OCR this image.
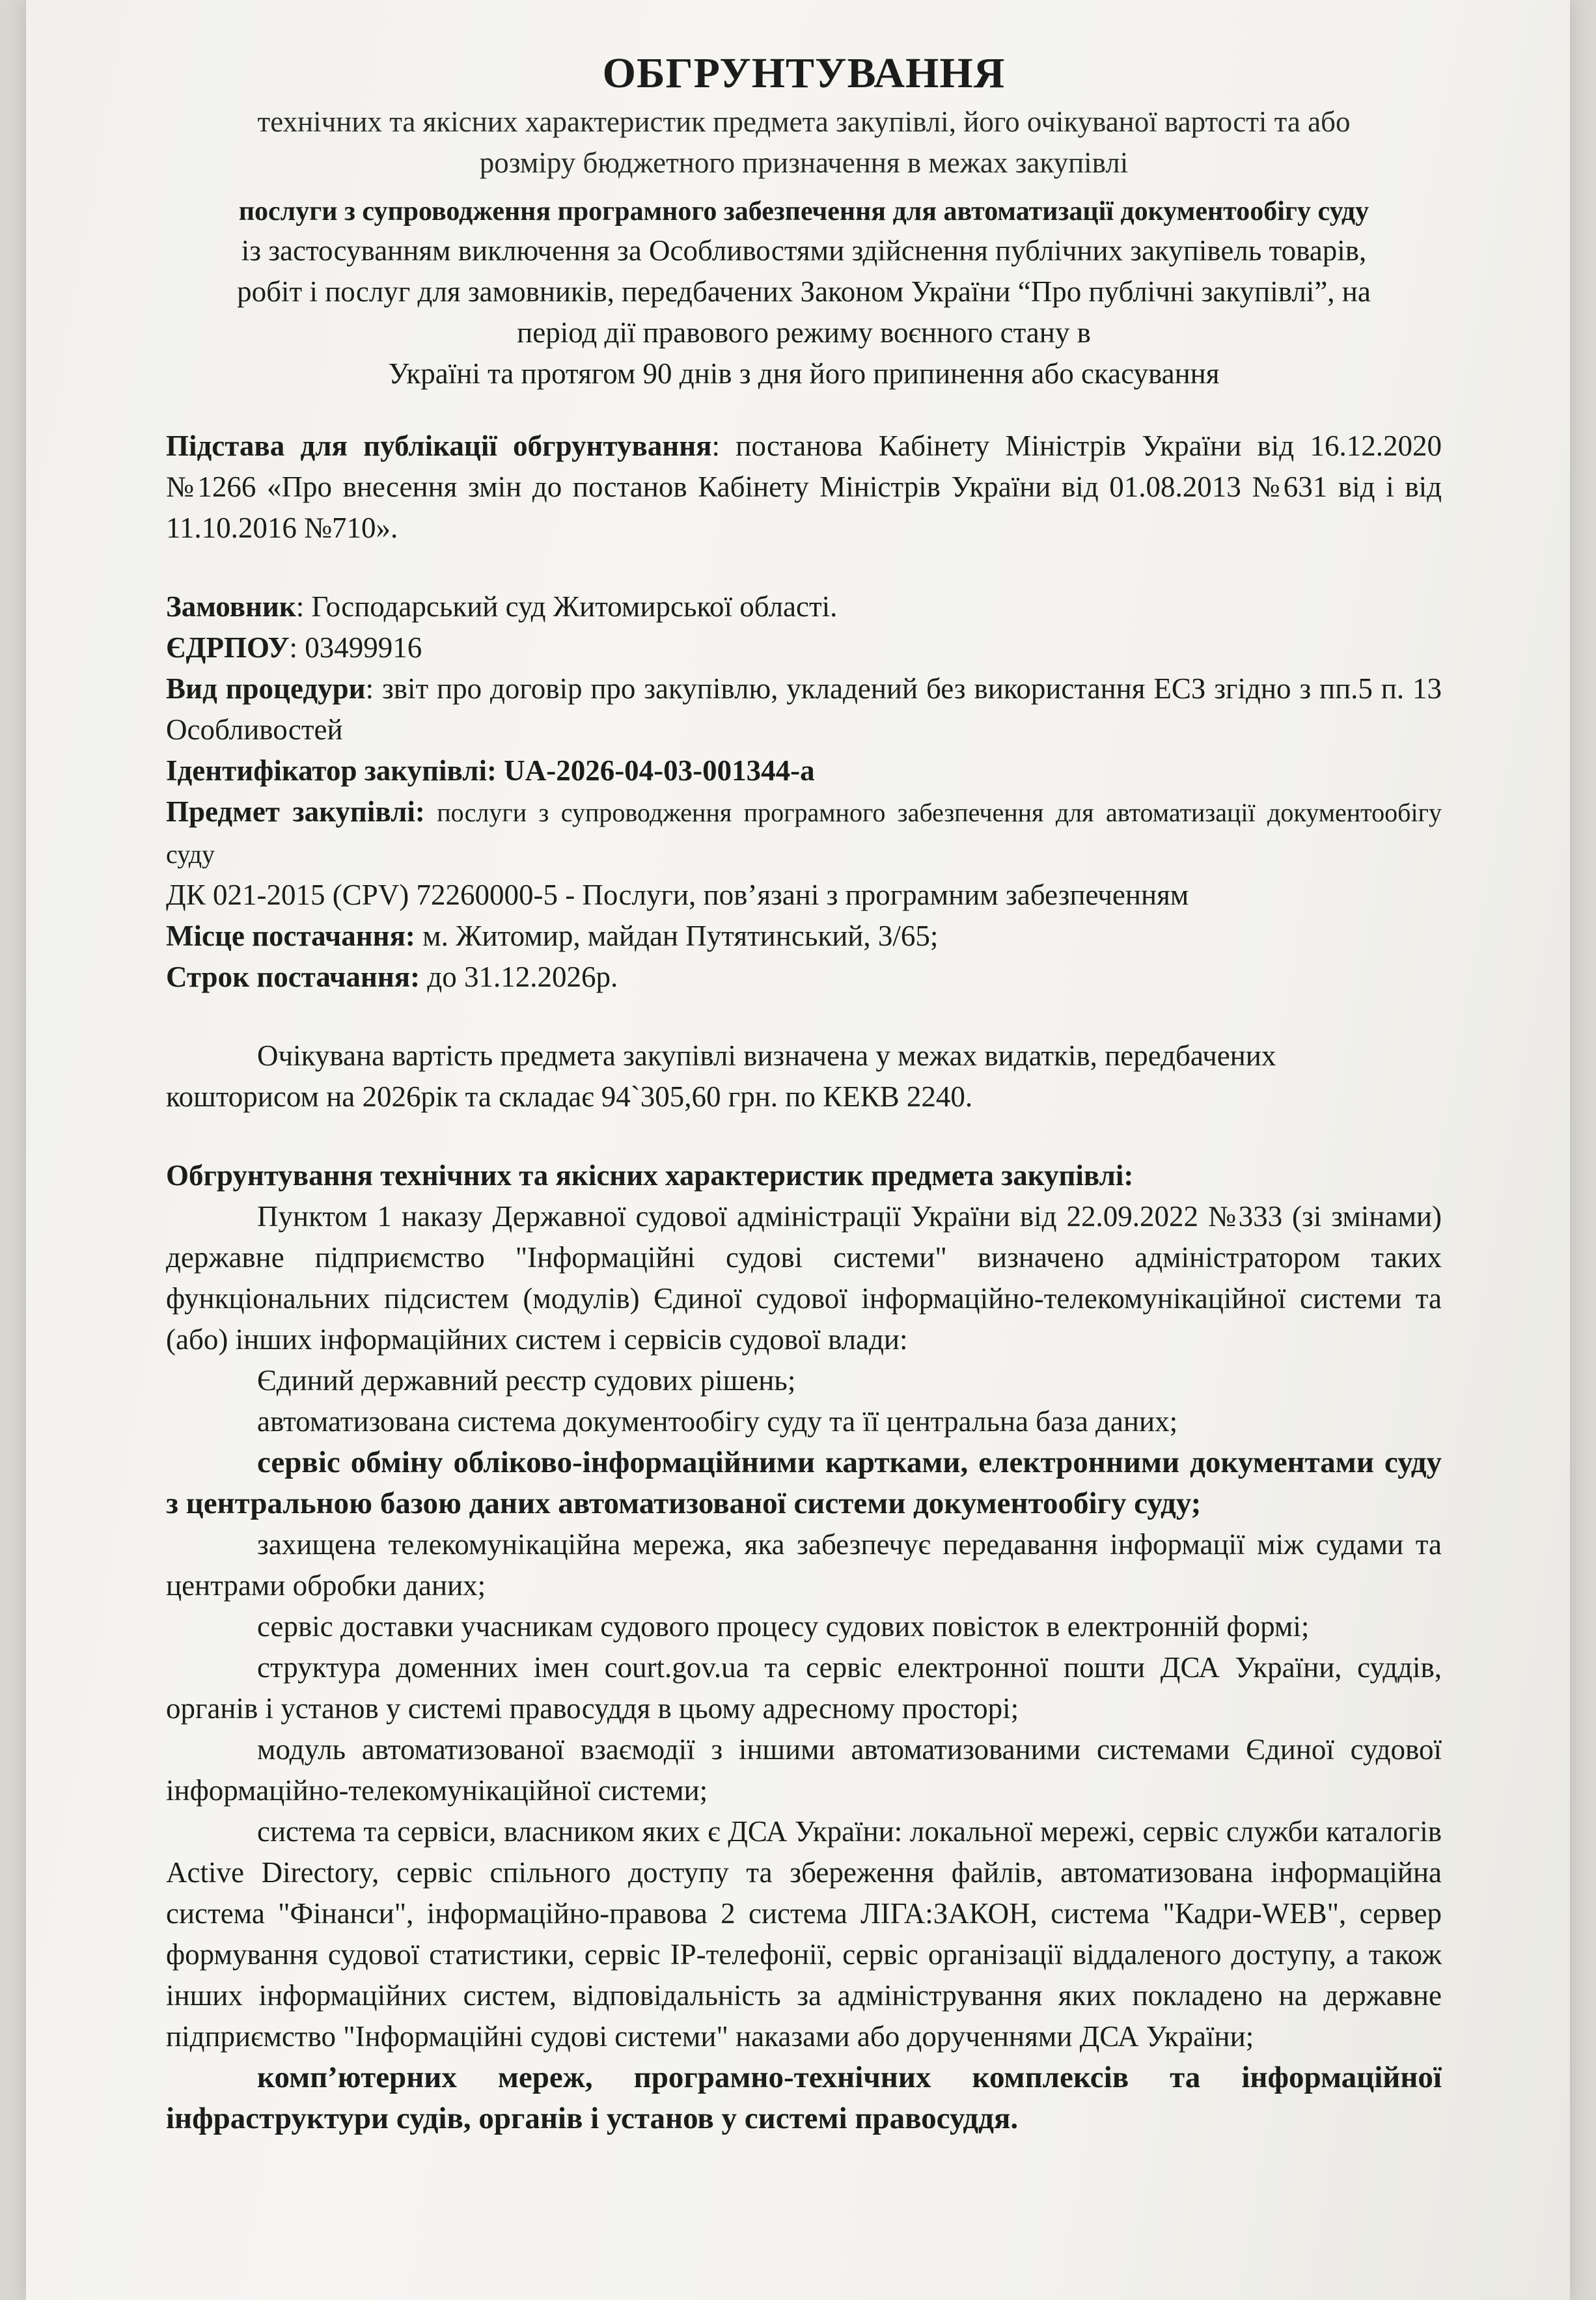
ОБГРУНТУВАННЯ

технічних та якісних характеристик предмета закупівлі, його очікуваної вартості та або

розміру бюджетного призначення в межах закупівлі

послуги з супроводження програмного забезпечення для автоматизації документообігу суду

із застосуванням виключення за Особливостями здійснення публічних закупівель товарів,

робіт і послуг для замовників, передбачених Законом України “Про публічні закупівлі”, на

період дії правового режиму воєнного стану в

Україні та протягом 90 днів з дня його припинення або скасування

Підстава для публікації обгрунтування: постанова Кабінету Міністрів України від 16.12.2020 №1266 «Про внесення змін до постанов Кабінету Міністрів України від 01.08.2013 №631 від і від 11.10.2016 №710».

Замовник: Господарський суд Житомирської області.

ЄДРПОУ: 03499916

Вид процедури: звіт про договір про закупівлю, укладений без використання ЕСЗ згідно з пп.5 п. 13 Особливостей

Ідентифікатор закупівлі: UA-2026-04-03-001344-a

Предмет закупівлі: послуги з супроводження програмного забезпечення для автоматизації документообігу суду

ДК 021-2015 (CPV) 72260000-5 - Послуги, пов’язані з програмним забезпеченням

Місце постачання: м. Житомир, майдан Путятинський, 3/65;

Строк постачання: до 31.12.2026р.

Очікувана вартість предмета закупівлі визначена у межах видатків, передбачених

кошторисом на 2026рік та складає 94`305,60 грн. по КЕКВ 2240.

Обгрунтування технічних та якісних характеристик предмета закупівлі:

Пунктом 1 наказу Державної судової адміністрації України від 22.09.2022 №333 (зі змінами) державне підприємство "Інформаційні судові системи" визначено адміністратором таких функціональних підсистем (модулів) Єдиної судової інформаційно-телекомунікаційної системи та (або) інших інформаційних систем і сервісів судової влади:

Єдиний державний реєстр судових рішень;

автоматизована система документообігу суду та її центральна база даних;

сервіс обміну обліково-інформаційними картками, електронними документами суду з центральною базою даних автоматизованої системи документообігу суду;

захищена телекомунікаційна мережа, яка забезпечує передавання інформації між судами та центрами обробки даних;

сервіс доставки учасникам судового процесу судових повісток в електронній формі;

структура доменних імен court.gov.ua та сервіс електронної пошти ДСА України, суддів, органів і установ у системі правосуддя в цьому адресному просторі;

модуль автоматизованої взаємодії з іншими автоматизованими системами Єдиної судової інформаційно-телекомунікаційної системи;

система та сервіси, власником яких є ДСА України: локальної мережі, сервіс служби каталогів Active Directory, сервіс спільного доступу та збереження файлів, автоматизована інформаційна система "Фінанси", інформаційно-правова 2 система ЛІГА:ЗАКОН, система "Кадри-WEB", сервер формування судової статистики, сервіс IP-телефонії, сервіс організації віддаленого доступу, а також інших інформаційних систем, відповідальність за адміністрування яких покладено на державне підприємство "Інформаційні судові системи" наказами або дорученнями ДСА України;

комп’ютерних мереж, програмно-технічних комплексів та інформаційної інфраструктури судів, органів і установ у системі правосуддя.
